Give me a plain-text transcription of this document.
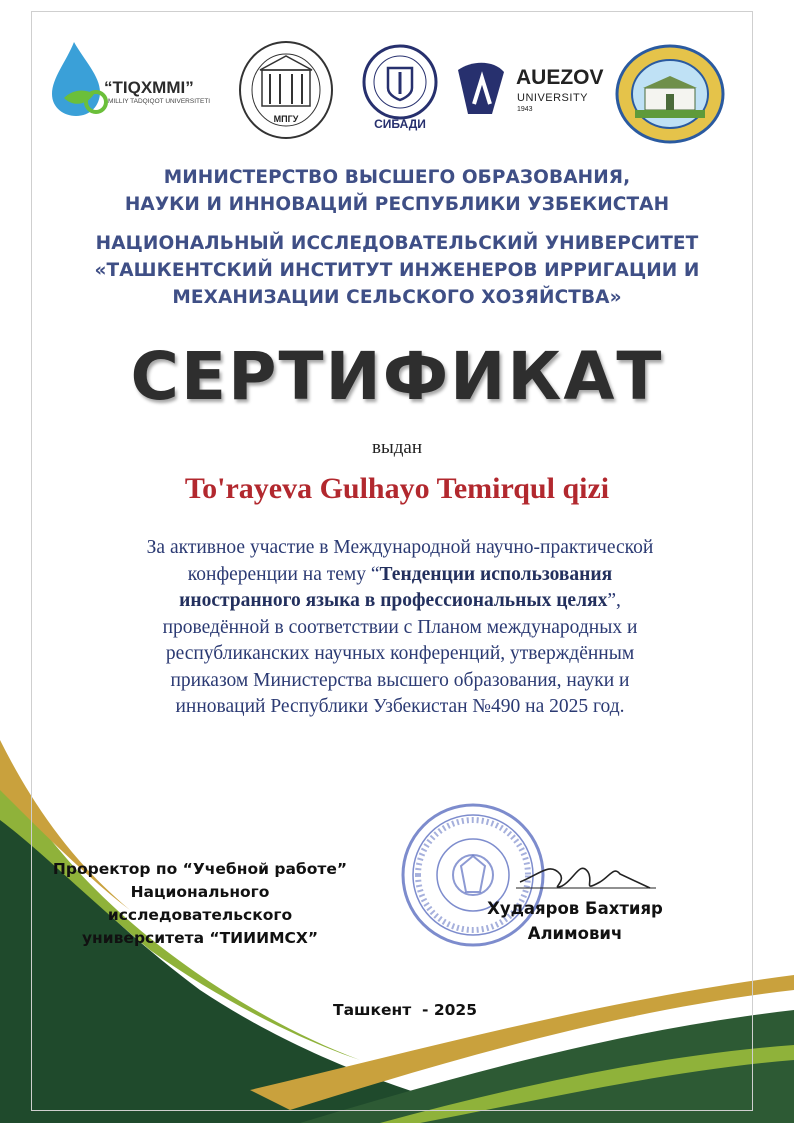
“TIQXMMI”
MILLIY TADQIQOT UNIVERSITETI
МПГУ	СИБАДИ
AUEZOV
UNIVERSITY
1943
МИНИСТЕРСТВО ВЫСШЕГО ОБРАЗОВАНИЯ,
НАУКИ И ИННОВАЦИЙ РЕСПУБЛИКИ УЗБЕКИСТАН
НАЦИОНАЛЬНЫЙ ИССЛЕДОВАТЕЛЬСКИЙ УНИВЕРСИТЕТ
«ТАШКЕНТСКИЙ ИНСТИТУТ ИНЖЕНЕРОВ ИРРИГАЦИИ И
МЕХАНИЗАЦИИ СЕЛЬСКОГО ХОЗЯЙСТВА»
СЕРТИФИКАТ
выдан
To'rayeva Gulhayo Temirqul qizi
За активное участие в Международной научно-практической
конференции на тему “Тенденции использования
иностранного языка в профессиональных целях”,
проведённой в соответствии с Планом международных и
республиканских научных конференций, утверждённым
приказом Министерства высшего образования, науки и
инноваций Республики Узбекистан №490 на 2025 год.
Проректор по “Учебной работе”
Национального
исследовательского
университета “ТИИИМСХ”
Худаяров Бахтияр
Алимович
Ташкент  - 2025
